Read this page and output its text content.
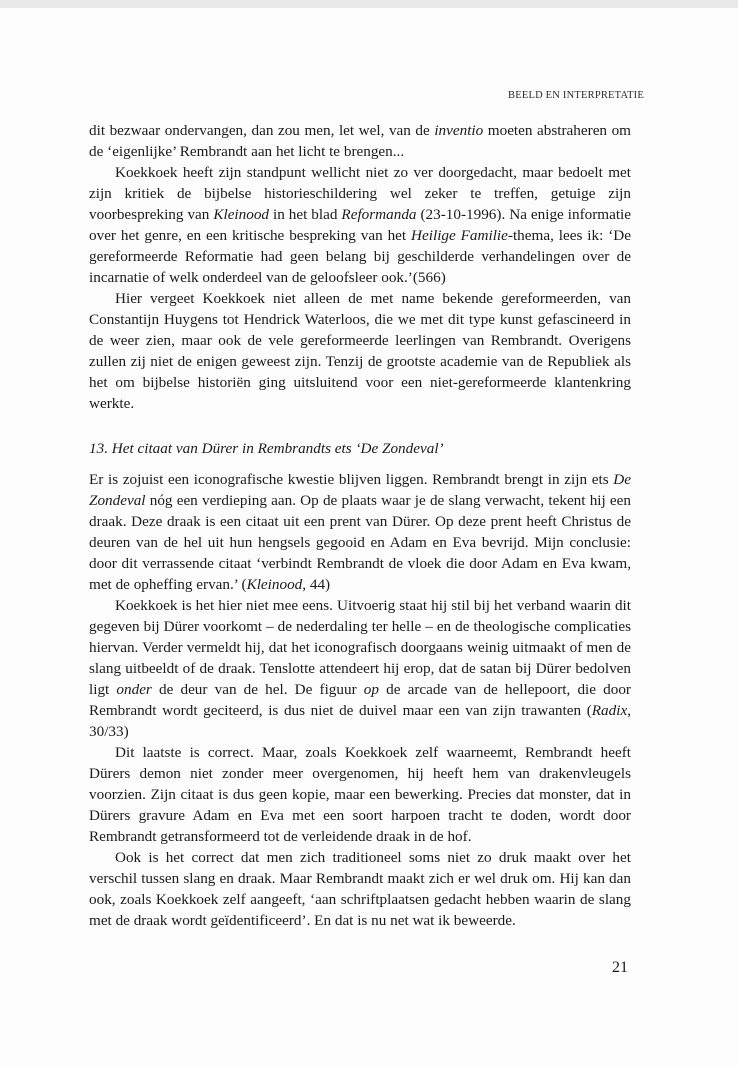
BEELD EN INTERPRETATIE

dit bezwaar ondervangen, dan zou men, let wel, van de inventio moeten abstraheren om de ‘eigenlijke’ Rembrandt aan het licht te brengen...

Koekkoek heeft zijn standpunt wellicht niet zo ver doorgedacht, maar bedoelt met zijn kritiek de bijbelse historieschildering wel zeker te treffen, getuige zijn voorbespreking van Kleinood in het blad Reformanda (23-10-1996). Na enige informatie over het genre, en een kritische bespreking van het Heilige Familie-thema, lees ik: ‘De gereformeerde Reformatie had geen belang bij geschilderde verhandelingen over de incarnatie of welk onderdeel van de geloofsleer ook.’(566)

Hier vergeet Koekkoek niet alleen de met name bekende gereformeerden, van Constantijn Huygens tot Hendrick Waterloos, die we met dit type kunst gefascineerd in de weer zien, maar ook de vele gereformeerde leerlingen van Rembrandt. Overigens zullen zij niet de enigen geweest zijn. Tenzij de grootste academie van de Republiek als het om bijbelse historiën ging uitsluitend voor een niet-gereformeerde klantenkring werkte.

13. Het citaat van Dürer in Rembrandts ets ‘De Zondeval’

Er is zojuist een iconografische kwestie blijven liggen. Rembrandt brengt in zijn ets De Zondeval nóg een verdieping aan. Op de plaats waar je de slang verwacht, tekent hij een draak. Deze draak is een citaat uit een prent van Dürer. Op deze prent heeft Christus de deuren van de hel uit hun hengsels gegooid en Adam en Eva bevrijd. Mijn conclusie: door dit verrassende citaat ‘verbindt Rembrandt de vloek die door Adam en Eva kwam, met de opheffing ervan.’ (Kleinood, 44)

Koekkoek is het hier niet mee eens. Uitvoerig staat hij stil bij het verband waarin dit gegeven bij Dürer voorkomt – de nederdaling ter helle – en de theologische complicaties hiervan. Verder vermeldt hij, dat het iconografisch doorgaans weinig uitmaakt of men de slang uitbeeldt of de draak. Tenslotte attendeert hij erop, dat de satan bij Dürer bedolven ligt onder de deur van de hel. De figuur op de arcade van de hellepoort, die door Rembrandt wordt geciteerd, is dus niet de duivel maar een van zijn trawanten (Radix, 30/33)

Dit laatste is correct. Maar, zoals Koekkoek zelf waarneemt, Rembrandt heeft Dürers demon niet zonder meer overgenomen, hij heeft hem van drakenvleugels voorzien. Zijn citaat is dus geen kopie, maar een bewerking. Precies dat monster, dat in Dürers gravure Adam en Eva met een soort harpoen tracht te doden, wordt door Rembrandt getransformeerd tot de verleidende draak in de hof.

Ook is het correct dat men zich traditioneel soms niet zo druk maakt over het verschil tussen slang en draak. Maar Rembrandt maakt zich er wel druk om. Hij kan dan ook, zoals Koekkoek zelf aangeeft, ‘aan schriftplaatsen gedacht hebben waarin de slang met de draak wordt geïdentificeerd’. En dat is nu net wat ik beweerde.

21
